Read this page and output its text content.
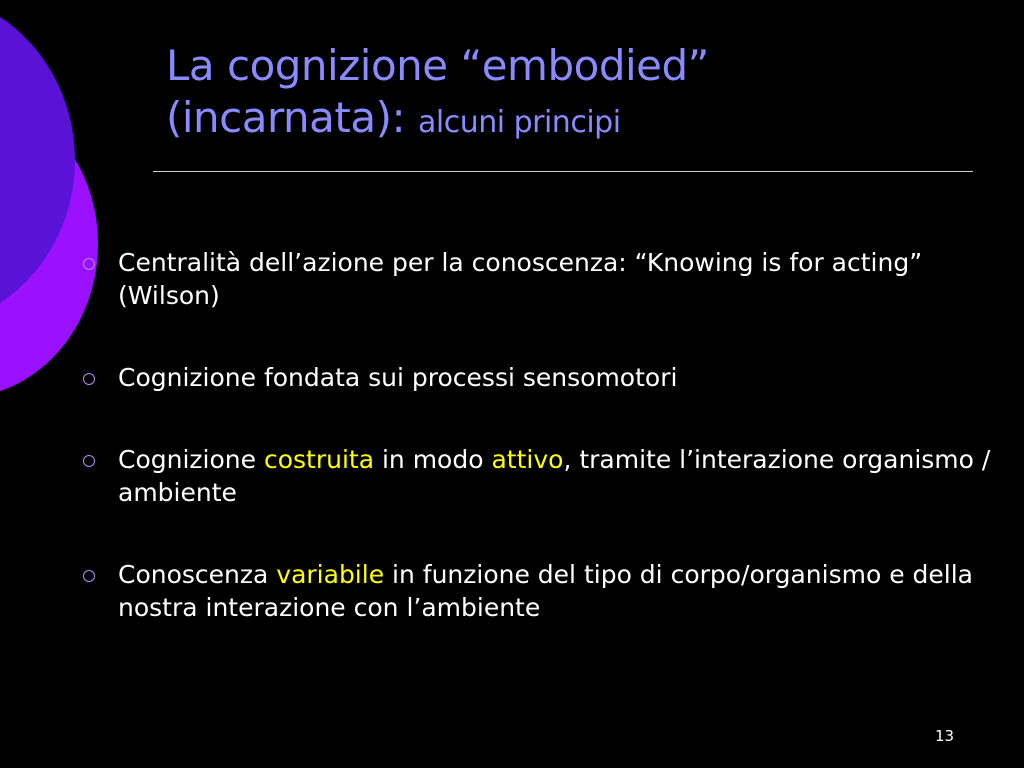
La cognizione “embodied”
(incarnata): alcuni principi
Centralità dell’azione per la conoscenza: “Knowing is for acting” (Wilson)
Cognizione fondata sui processi sensomotori
Cognizione costruita in modo attivo, tramite l’interazione organismo / ambiente
Conoscenza variabile in funzione del tipo di corpo/organismo e della nostra interazione con l’ambiente
13
